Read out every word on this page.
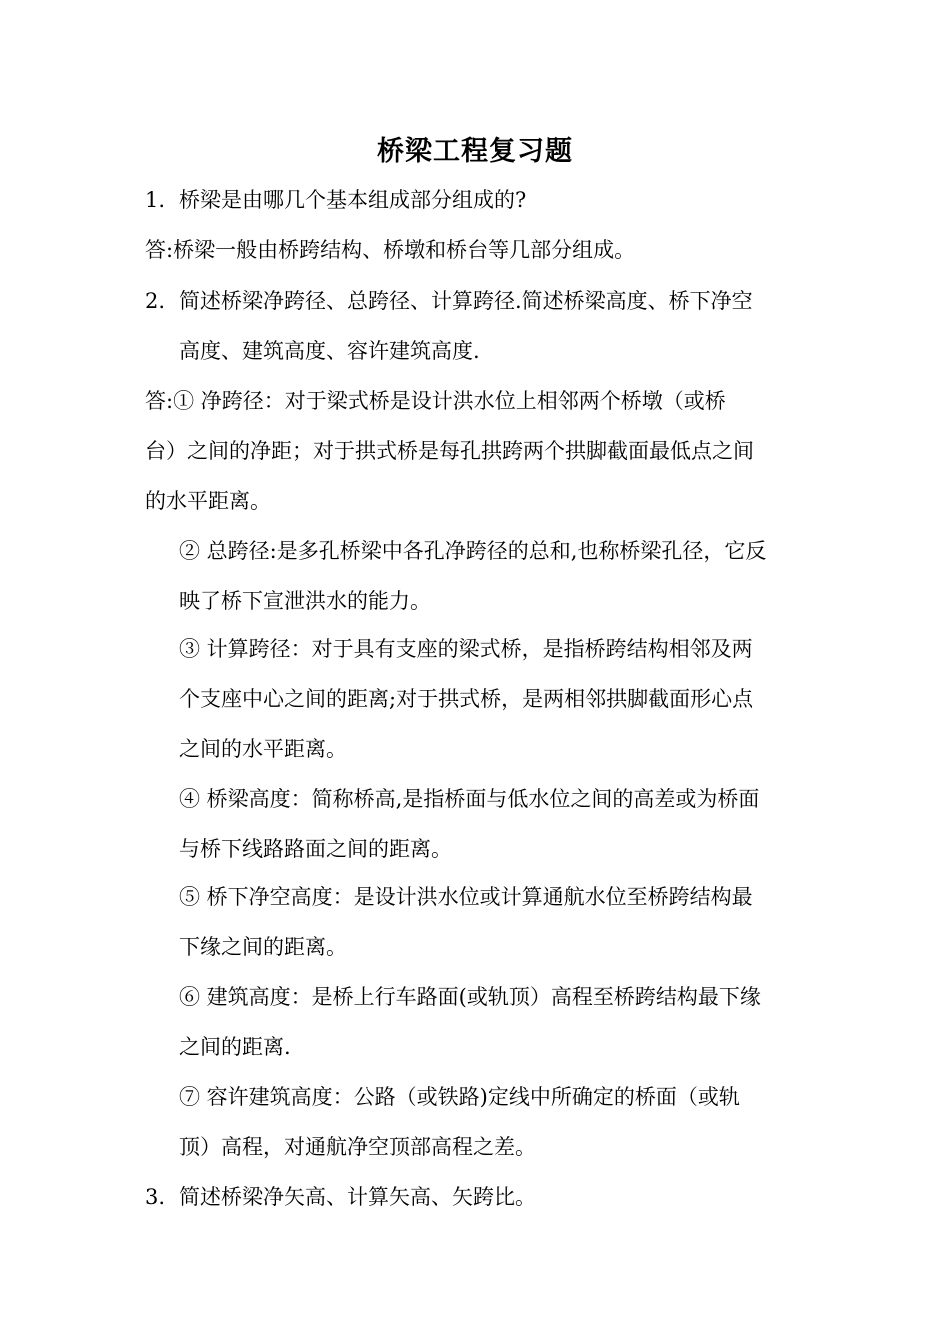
桥梁工程复习题
1. 桥梁是由哪几个基本组成部分组成的?
答:桥梁一般由桥跨结构、桥墩和桥台等几部分组成。
2. 简述桥梁净跨径、总跨径、计算跨径.简述桥梁高度、桥下净空
高度、建筑高度、容许建筑高度.
答:① 净跨径：对于梁式桥是设计洪水位上相邻两个桥墩（或桥
台）之间的净距；对于拱式桥是每孔拱跨两个拱脚截面最低点之间
的水平距离。
② 总跨径:是多孔桥梁中各孔净跨径的总和,也称桥梁孔径，它反
映了桥下宣泄洪水的能力。
③ 计算跨径：对于具有支座的梁式桥，是指桥跨结构相邻及两
个支座中心之间的距离;对于拱式桥，是两相邻拱脚截面形心点
之间的水平距离。
④ 桥梁高度：简称桥高,是指桥面与低水位之间的高差或为桥面
与桥下线路路面之间的距离。
⑤ 桥下净空高度：是设计洪水位或计算通航水位至桥跨结构最
下缘之间的距离。
⑥ 建筑高度：是桥上行车路面(或轨顶）高程至桥跨结构最下缘
之间的距离.
⑦ 容许建筑高度：公路（或铁路)定线中所确定的桥面（或轨
顶）高程，对通航净空顶部高程之差。
3. 简述桥梁净矢高、计算矢高、矢跨比。
